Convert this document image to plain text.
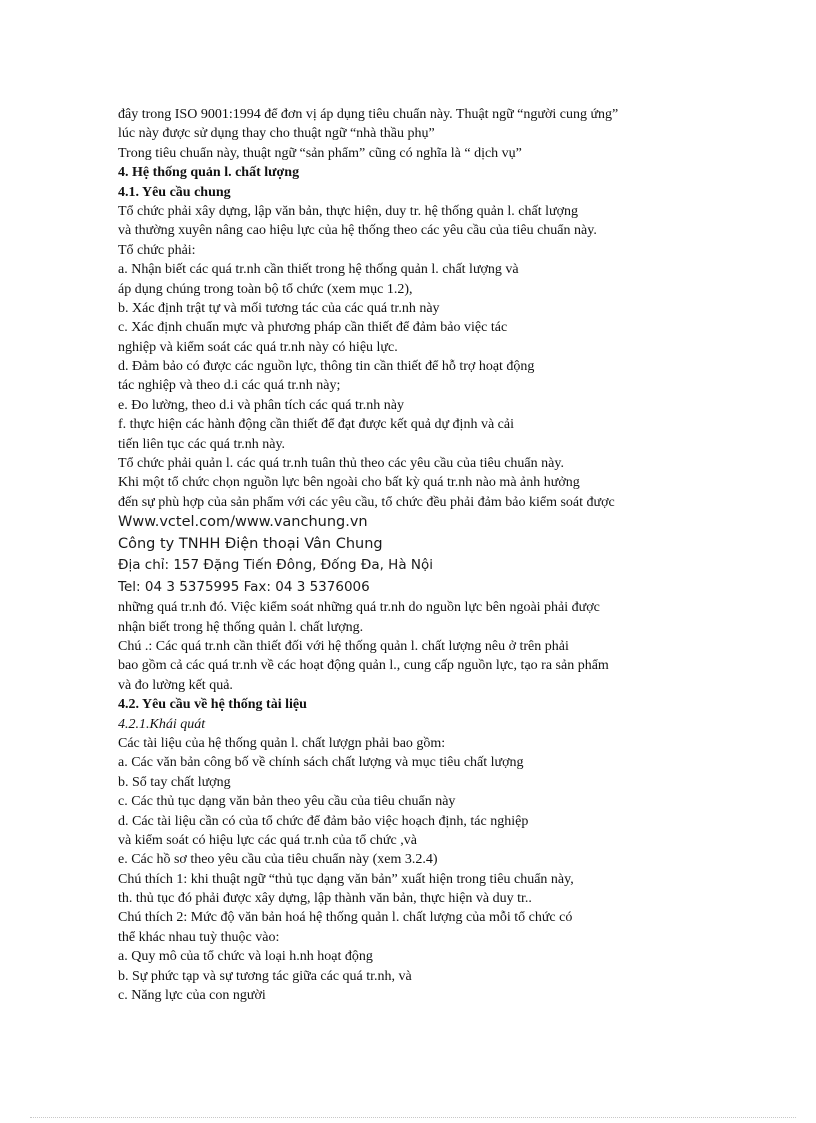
đây trong ISO 9001:1994 để đơn vị áp dụng tiêu chuẩn này. Thuật ngữ “người cung ứng”
lúc này được sử dụng thay cho thuật ngữ “nhà thầu phụ”
Trong tiêu chuẩn này, thuật ngữ “sản phẩm” cũng có nghĩa là “ dịch vụ”
4. Hệ thống quản l. chất lượng
4.1. Yêu cầu chung
Tổ chức phải xây dựng, lập văn bản, thực hiện, duy tr. hệ thống quản l. chất lượng
và thường xuyên nâng cao hiệu lực của hệ thống theo các yêu cầu của tiêu chuẩn này.
Tổ chức phải:
a. Nhận biết các quá tr.nh cần thiết trong hệ thống quản l. chất lượng và
áp dụng chúng trong toàn bộ tổ chức (xem mục 1.2),
b. Xác định trật tự và mối tương tác của các quá tr.nh này
c. Xác định chuẩn mực và phương pháp cần thiết để đảm bảo việc tác
nghiệp và kiểm soát các quá tr.nh này có hiệu lực.
d. Đảm bảo có được các nguồn lực, thông tin cần thiết để hỗ trợ hoạt động
tác nghiệp và theo d.i các quá tr.nh này;
e. Đo lường, theo d.i và phân tích các quá tr.nh này
f. thực hiện các hành động cần thiết để đạt được kết quả dự định và cải
tiến liên tục các quá tr.nh này.
Tổ chức phải quản l. các quá tr.nh tuân thủ theo các yêu cầu của tiêu chuẩn này.
Khi một tổ chức chọn nguồn lực bên ngoài cho bất kỳ quá tr.nh nào mà ảnh hưởng
đến sự phù hợp của sản phẩm với các yêu cầu, tổ chức đều phải đảm bảo kiểm soát được
Www.vctel.com/www.vanchung.vn
Công ty TNHH Điện thoại Vân Chung
Địa chỉ: 157 Đặng Tiến Đông, Đống Đa, Hà Nội
Tel: 04 3 5375995 Fax: 04 3 5376006
những quá tr.nh đó. Việc kiểm soát những quá tr.nh do nguồn lực bên ngoài phải được
nhận biết trong hệ thống quản l. chất lượng.
Chú .: Các quá tr.nh cần thiết đối với hệ thống quản l. chất lượng nêu ở trên phải
bao gồm cả các quá tr.nh về các hoạt động quản l., cung cấp nguồn lực, tạo ra sản phẩm
và đo lường kết quả.
4.2. Yêu cầu về hệ thống tài liệu
4.2.1.Khái quát
Các tài liệu của hệ thống quản l. chất lượgn phải bao gồm:
a. Các văn bản công bố về chính sách chất lượng và mục tiêu chất lượng
b. Sổ tay chất lượng
c. Các thủ tục dạng văn bản theo yêu cầu của tiêu chuẩn này
d. Các tài liệu cần có của tổ chức để đảm bảo việc hoạch định, tác nghiệp
và kiểm soát có hiệu lực các quá tr.nh của tổ chức ,và
e. Các hồ sơ theo yêu cầu của tiêu chuẩn này (xem 3.2.4)
Chú thích 1: khi thuật ngữ “thủ tục dạng văn bản” xuất hiện trong tiêu chuẩn này,
th. thủ tục đó phải được xây dựng, lập thành văn bản, thực hiện và duy tr..
Chú thích 2: Mức độ văn bản hoá hệ thống quản l. chất lượng của mỗi tổ chức có
thể khác nhau tuỳ thuộc vào:
a. Quy mô của tổ chức và loại h.nh hoạt động
b. Sự phức tạp và sự tương tác giữa các quá tr.nh, và
c. Năng lực của con người
